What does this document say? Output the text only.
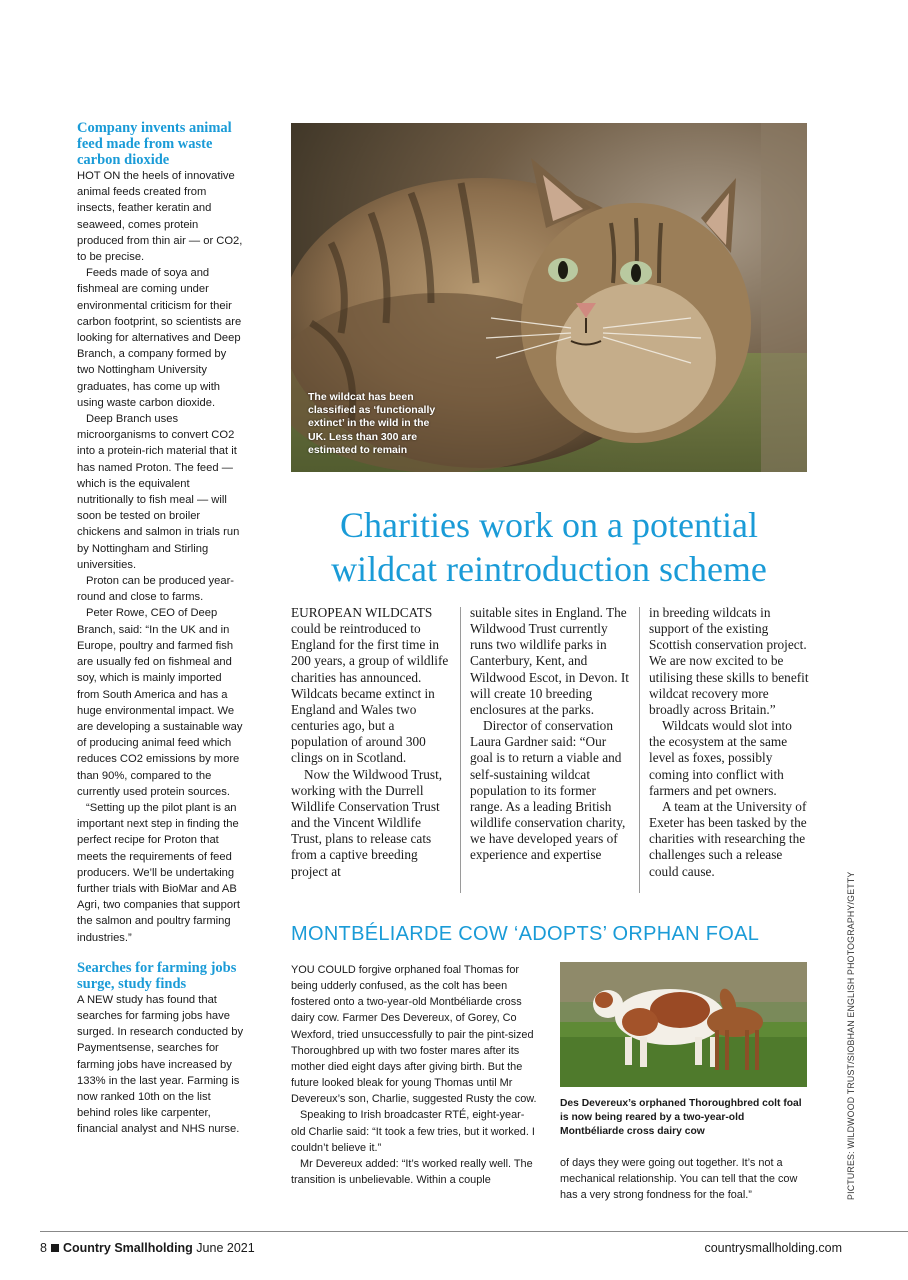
Company invents animal feed made from waste carbon dioxide

HOT ON the heels of innovative animal feeds created from insects, feather keratin and seaweed, comes protein produced from thin air — or CO2, to be precise.

Feeds made of soya and fishmeal are coming under environmental criticism for their carbon footprint, so scientists are looking for alternatives and Deep Branch, a company formed by two Nottingham University graduates, has come up with using waste carbon dioxide.

Deep Branch uses microorganisms to convert CO2 into a protein-rich material that it has named Proton. The feed — which is the equivalent nutritionally to fish meal — will soon be tested on broiler chickens and salmon in trials run by Nottingham and Stirling universities.

Proton can be produced year-round and close to farms.

Peter Rowe, CEO of Deep Branch, said: “In the UK and in Europe, poultry and farmed fish are usually fed on fishmeal and soy, which is mainly imported from South America and has a huge environmental impact. We are developing a sustainable way of producing animal feed which reduces CO2 emissions by more than 90%, compared to the currently used protein sources.

“Setting up the pilot plant is an important next step in finding the perfect recipe for Proton that meets the requirements of feed producers. We’ll be undertaking further trials with BioMar and AB Agri, two companies that support the salmon and poultry farming industries.”

Searches for farming jobs surge, study finds

A NEW study has found that searches for farming jobs have surged. In research conducted by Paymentsense, searches for farming jobs have increased by 133% in the last year. Farming is now ranked 10th on the list behind roles like carpenter, financial analyst and NHS nurse.

The wildcat has been classified as ‘functionally extinct’ in the wild in the UK. Less than 300 are estimated to remain
Charities work on a potential wildcat reintroduction scheme

EUROPEAN WILDCATS could be reintroduced to England for the first time in 200 years, a group of wildlife charities has announced. Wildcats became extinct in England and Wales two centuries ago, but a population of around 300 clings on in Scotland.

Now the Wildwood Trust, working with the Durrell Wildlife Conservation Trust and the Vincent Wildlife Trust, plans to release cats from a captive breeding project at

suitable sites in England. The Wildwood Trust currently runs two wildlife parks in Canterbury, Kent, and Wildwood Escot, in Devon. It will create 10 breeding enclosures at the parks.

Director of conservation Laura Gardner said: “Our goal is to return a viable and self-sustaining wildcat population to its former range. As a leading British wildlife conservation charity, we have developed years of experience and expertise

in breeding wildcats in support of the existing Scottish conservation project. We are now excited to be utilising these skills to benefit wildcat recovery more broadly across Britain.”

Wildcats would slot into the ecosystem at the same level as foxes, possibly coming into conflict with farmers and pet owners.

A team at the University of Exeter has been tasked by the charities with researching the challenges such a release could cause.

MONTBÉLIARDE COW ‘ADOPTS’ ORPHAN FOAL

YOU COULD forgive orphaned foal Thomas for being udderly confused, as the colt has been fostered onto a two-year-old Montbéliarde cross dairy cow. Farmer Des Devereux, of Gorey, Co Wexford, tried unsuccessfully to pair the pint-sized Thoroughbred up with two foster mares after its mother died eight days after giving birth. But the future looked bleak for young Thomas until Mr Devereux’s son, Charlie, suggested Rusty the cow.

Speaking to Irish broadcaster RTÉ, eight-year-old Charlie said: “It took a few tries, but it worked. I couldn’t believe it.”

Mr Devereux added: “It’s worked really well. The transition is unbelievable. Within a couple

Des Devereux’s orphaned Thoroughbred colt foal is now being reared by a two-year-old Montbéliarde cross dairy cow

of days they were going out together. It’s not a mechanical relationship. You can tell that the cow has a very strong fondness for the foal.”	PICTURES: WILDWOOD TRUST/SIOBHAN ENGLISH PHOTOGRAPHY/GETTY
8 Country Smallholding June 2021	countrysmallholding.com
